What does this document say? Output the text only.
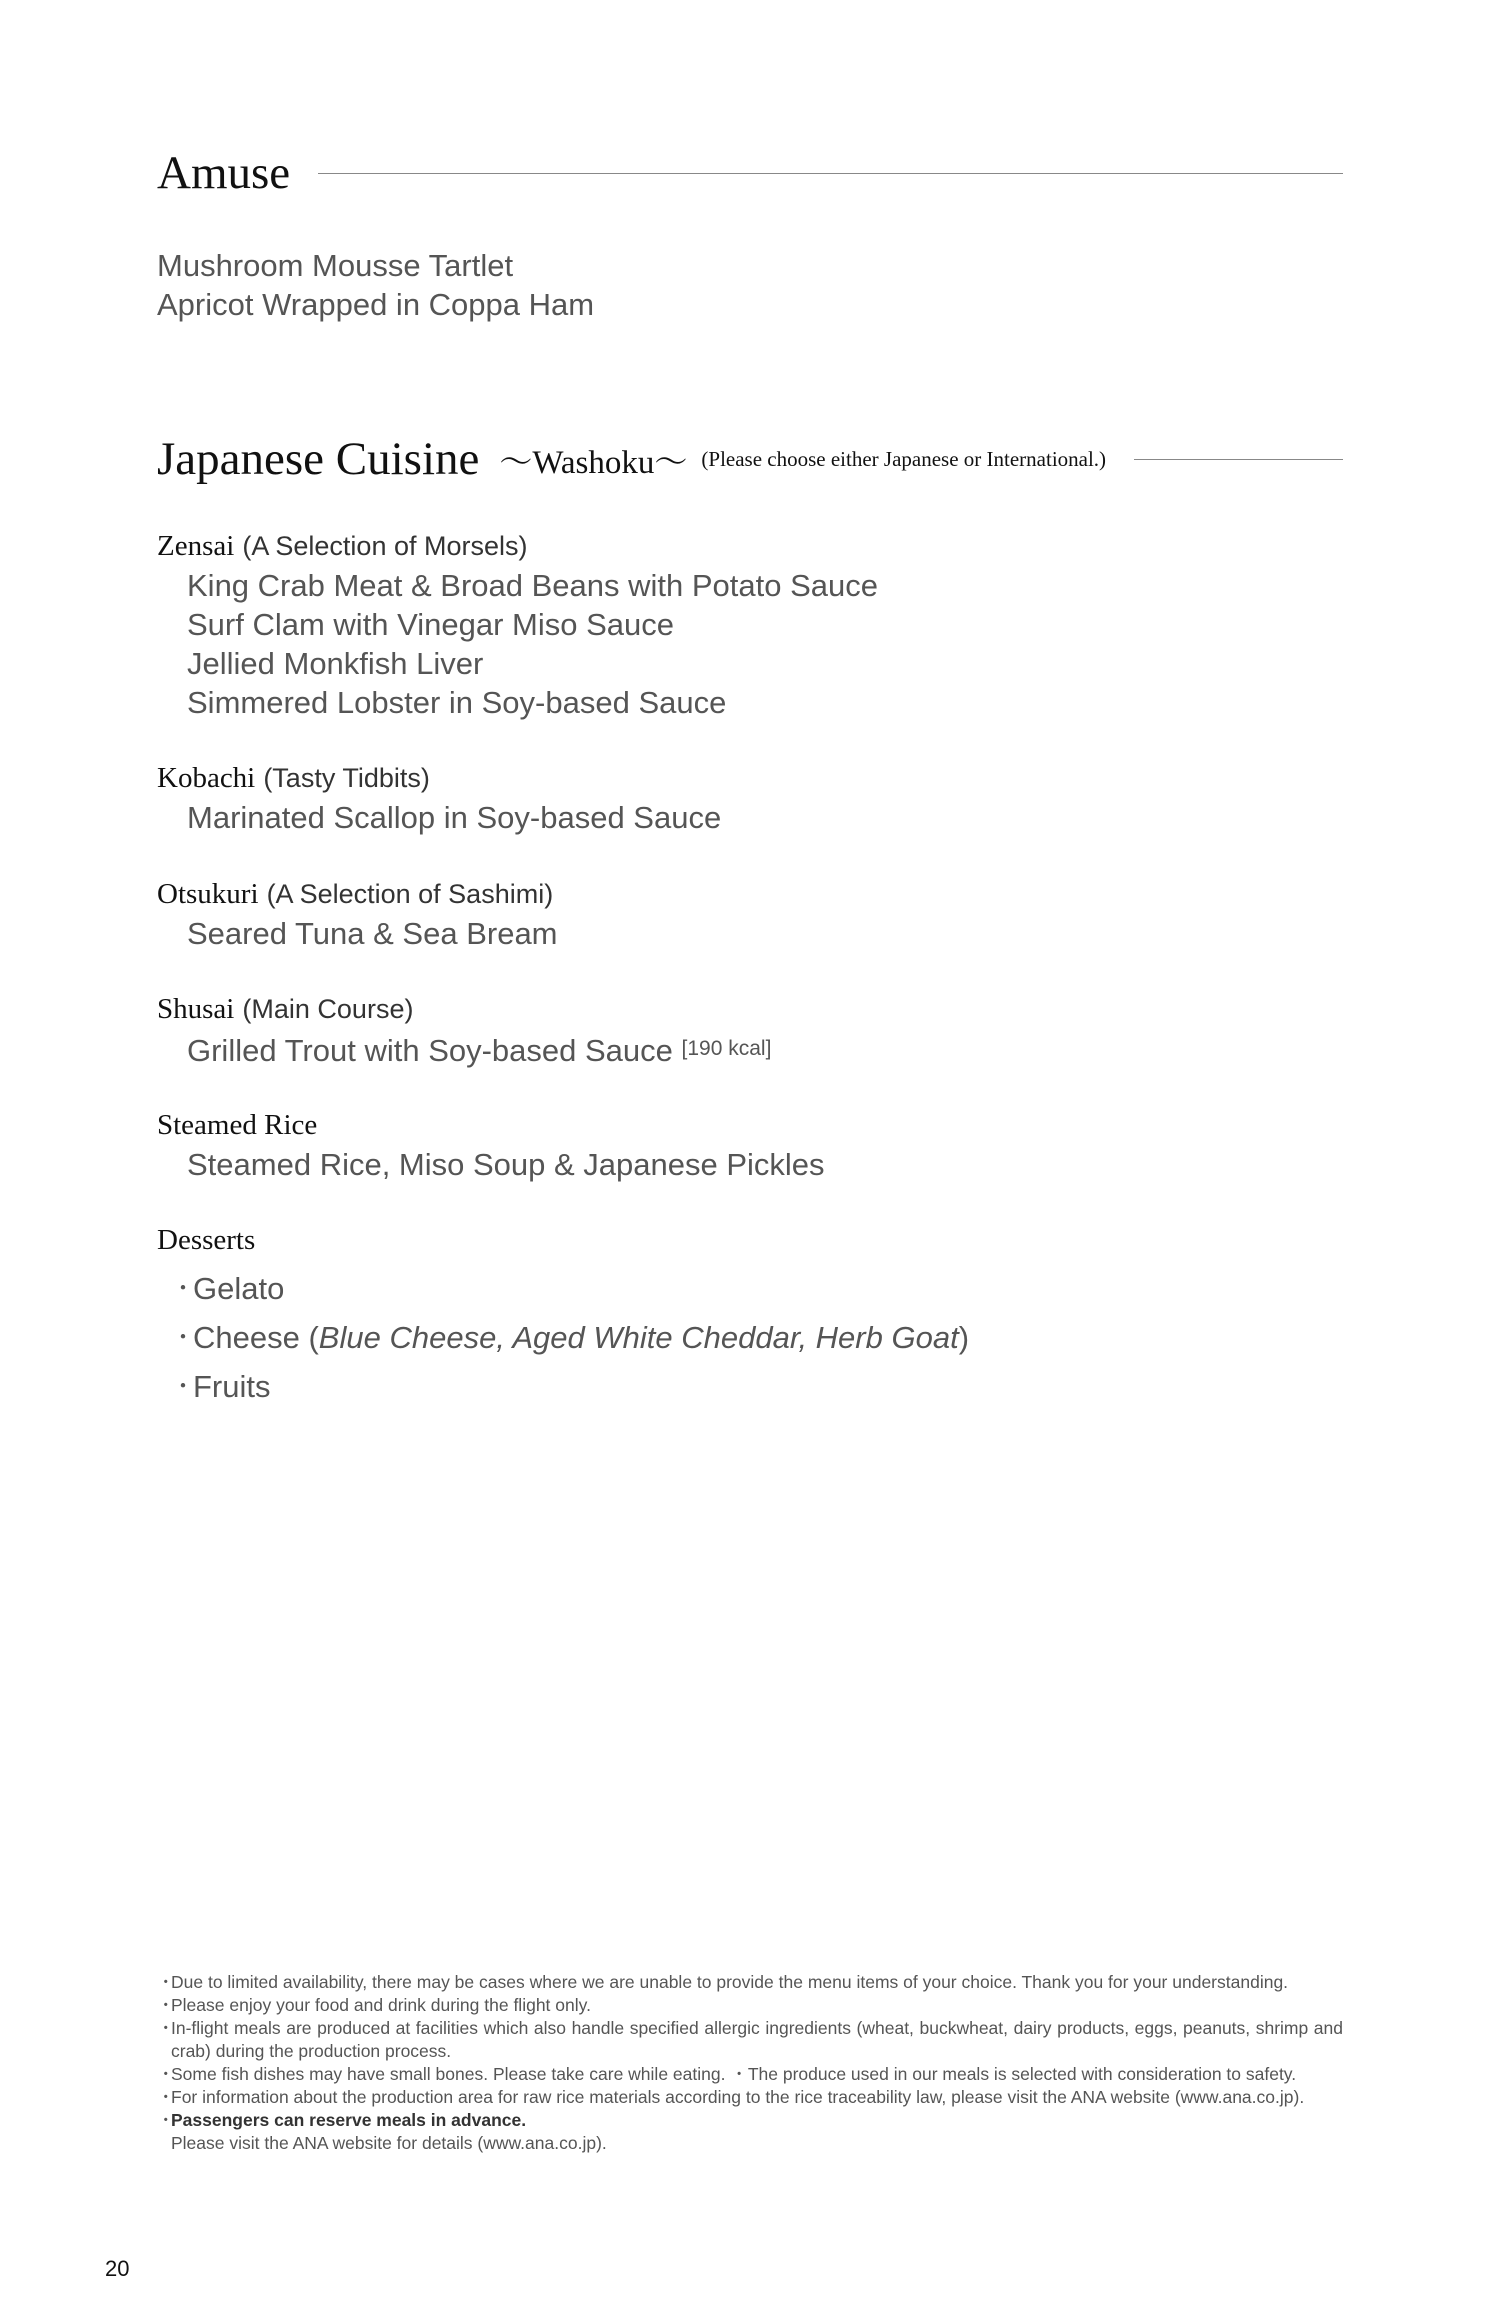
Amuse
Mushroom Mousse Tartlet
Apricot Wrapped in Coppa Ham
Japanese Cuisine ～Washoku～ (Please choose either Japanese or International.)
Zensai (A Selection of Morsels)
King Crab Meat & Broad Beans with Potato Sauce
Surf Clam with Vinegar Miso Sauce
Jellied Monkfish Liver
Simmered Lobster in Soy-based Sauce
Kobachi (Tasty Tidbits)
Marinated Scallop in Soy-based Sauce
Otsukuri (A Selection of Sashimi)
Seared Tuna & Sea Bream
Shusai (Main Course)
Grilled Trout with Soy-based Sauce [190 kcal]
Steamed Rice
Steamed Rice, Miso Soup & Japanese Pickles
Desserts
・Gelato
・Cheese (Blue Cheese, Aged White Cheddar, Herb Goat)
・Fruits
・
Due to limited availability, there may be cases where we are unable to provide the menu items of your choice. Thank you for your understanding.
・
Please enjoy your food and drink during the flight only.
・
In-flight meals are produced at facilities which also handle specified allergic ingredients (wheat, buckwheat, dairy products, eggs, peanuts, shrimp and crab) during the production process.
・
Some fish dishes may have small bones. Please take care while eating. ・The produce used in our meals is selected with consideration to safety.
・
For information about the production area for raw rice materials according to the rice traceability law, please visit the ANA website (www.ana.co.jp).
・
Passengers can reserve meals in advance.
Please visit the ANA website for details (www.ana.co.jp).
20
